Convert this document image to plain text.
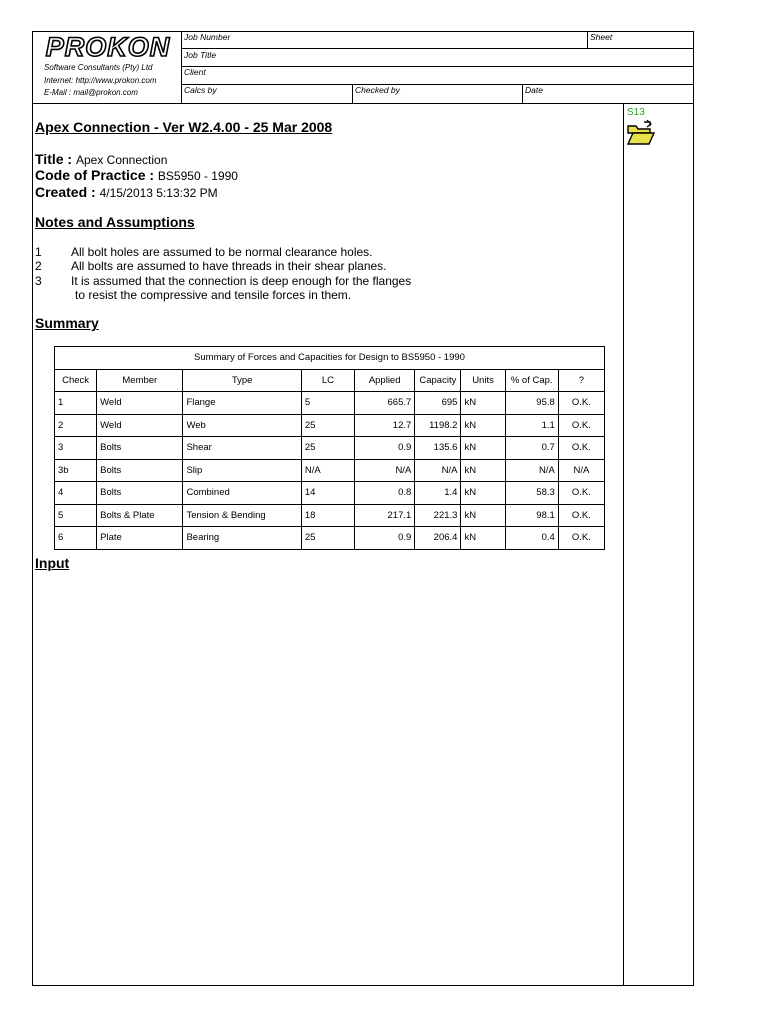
PROKON
Software Consultants (Pty) Ltd
Internet: http://www.prokon.com
E-Mail : mail@prokon.com
Job Number	Sheet
Job Title
Client
Calcs by	Checked by	Date
S13
Apex Connection - Ver W2.4.00 - 25 Mar 2008
Title : Apex Connection
Code of Practice : BS5950 - 1990
Created : 4/15/2013 5:13:32 PM
Notes and Assumptions
1 All bolt holes are assumed to be normal clearance holes.
2 All bolts are assumed to have threads in their shear planes.
3 It is assumed that the connection is deep enough for the flanges
to resist the compressive and tensile forces in them.
Summary
Summary of Forces and Capacities for Design to BS5950 - 1990								
Check	Member	Type	LC	Applied	Capacity	Units	% of Cap.	?
1	Weld	Flange	5	665.7	695	kN	95.8	O.K.
2	Weld	Web	25	12.7	1198.2	kN	1.1	O.K.
3	Bolts	Shear	25	0.9	135.6	kN	0.7	O.K.
3b	Bolts	Slip	N/A	N/A	N/A	kN	N/A	N/A
4	Bolts	Combined	14	0.8	1.4	kN	58.3	O.K.
5	Bolts & Plate	Tension & Bending	18	217.1	221.3	kN	98.1	O.K.
6	Plate	Bearing	25	0.9	206.4	kN	0.4	O.K.
Input
